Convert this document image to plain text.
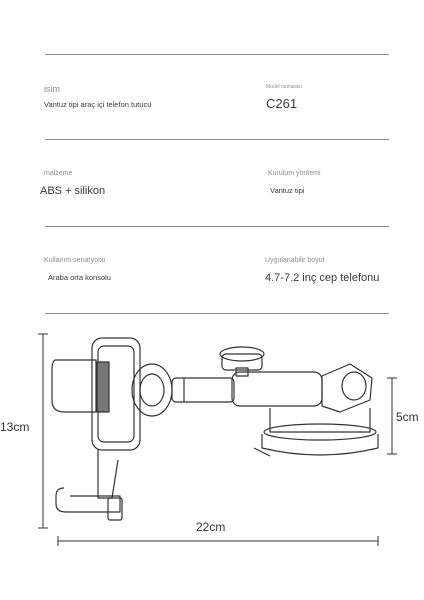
isim
Vantuz tipi araç içi telefon tutucu
Model numarası
C261
malzeme
ABS + silikon
Kurulum yöntemi
Vantuz tipi
Kullanım senaryosu
Araba orta konsolu
Uygulanabilir boyut
4.7-7.2 inç cep telefonu
13cm
5cm
22cm
